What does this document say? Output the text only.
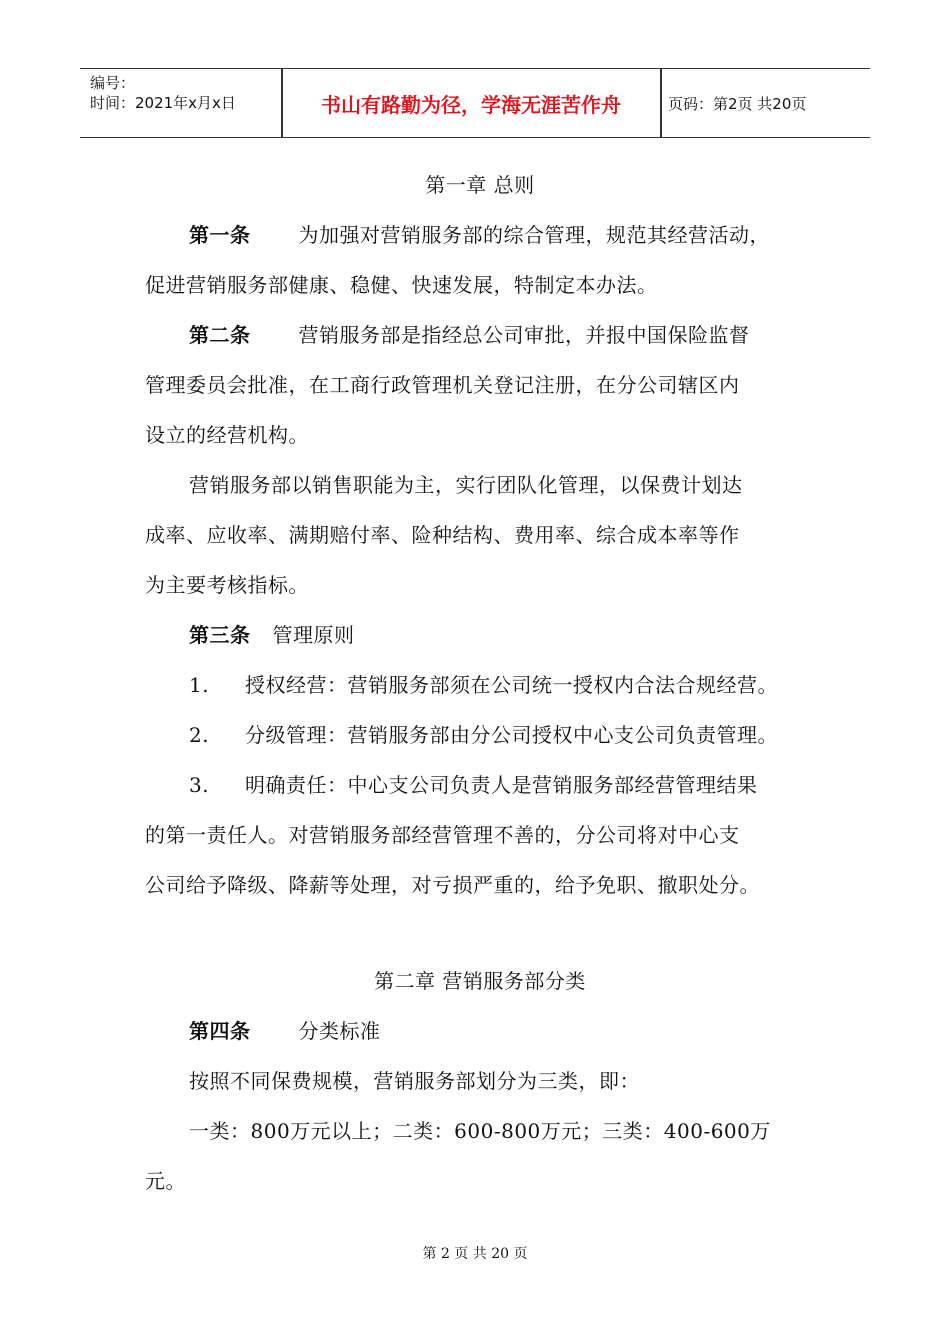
编号：
时间：2021年x月x日	书山有路勤为径，学海无涯苦作舟	页码：第2页 共20页
第一章 总则
第一条 为加强对营销服务部的综合管理，规范其经营活动，
促进营销服务部健康、稳健、快速发展，特制定本办法。
第二条 营销服务部是指经总公司审批，并报中国保险监督
管理委员会批准，在工商行政管理机关登记注册，在分公司辖区内
设立的经营机构。
营销服务部以销售职能为主，实行团队化管理，以保费计划达
成率、应收率、满期赔付率、险种结构、费用率、综合成本率等作
为主要考核指标。
第三条 管理原则
1. 授权经营：营销服务部须在公司统一授权内合法合规经营。
2. 分级管理：营销服务部由分公司授权中心支公司负责管理。
3. 明确责任：中心支公司负责人是营销服务部经营管理结果
的第一责任人。对营销服务部经营管理不善的，分公司将对中心支
公司给予降级、降薪等处理，对亏损严重的，给予免职、撤职处分。
第二章 营销服务部分类
第四条 分类标准
按照不同保费规模，营销服务部划分为三类，即：
一类：800万元以上；二类：600-800万元；三类：400-600万
元。
第 2 页 共 20 页
